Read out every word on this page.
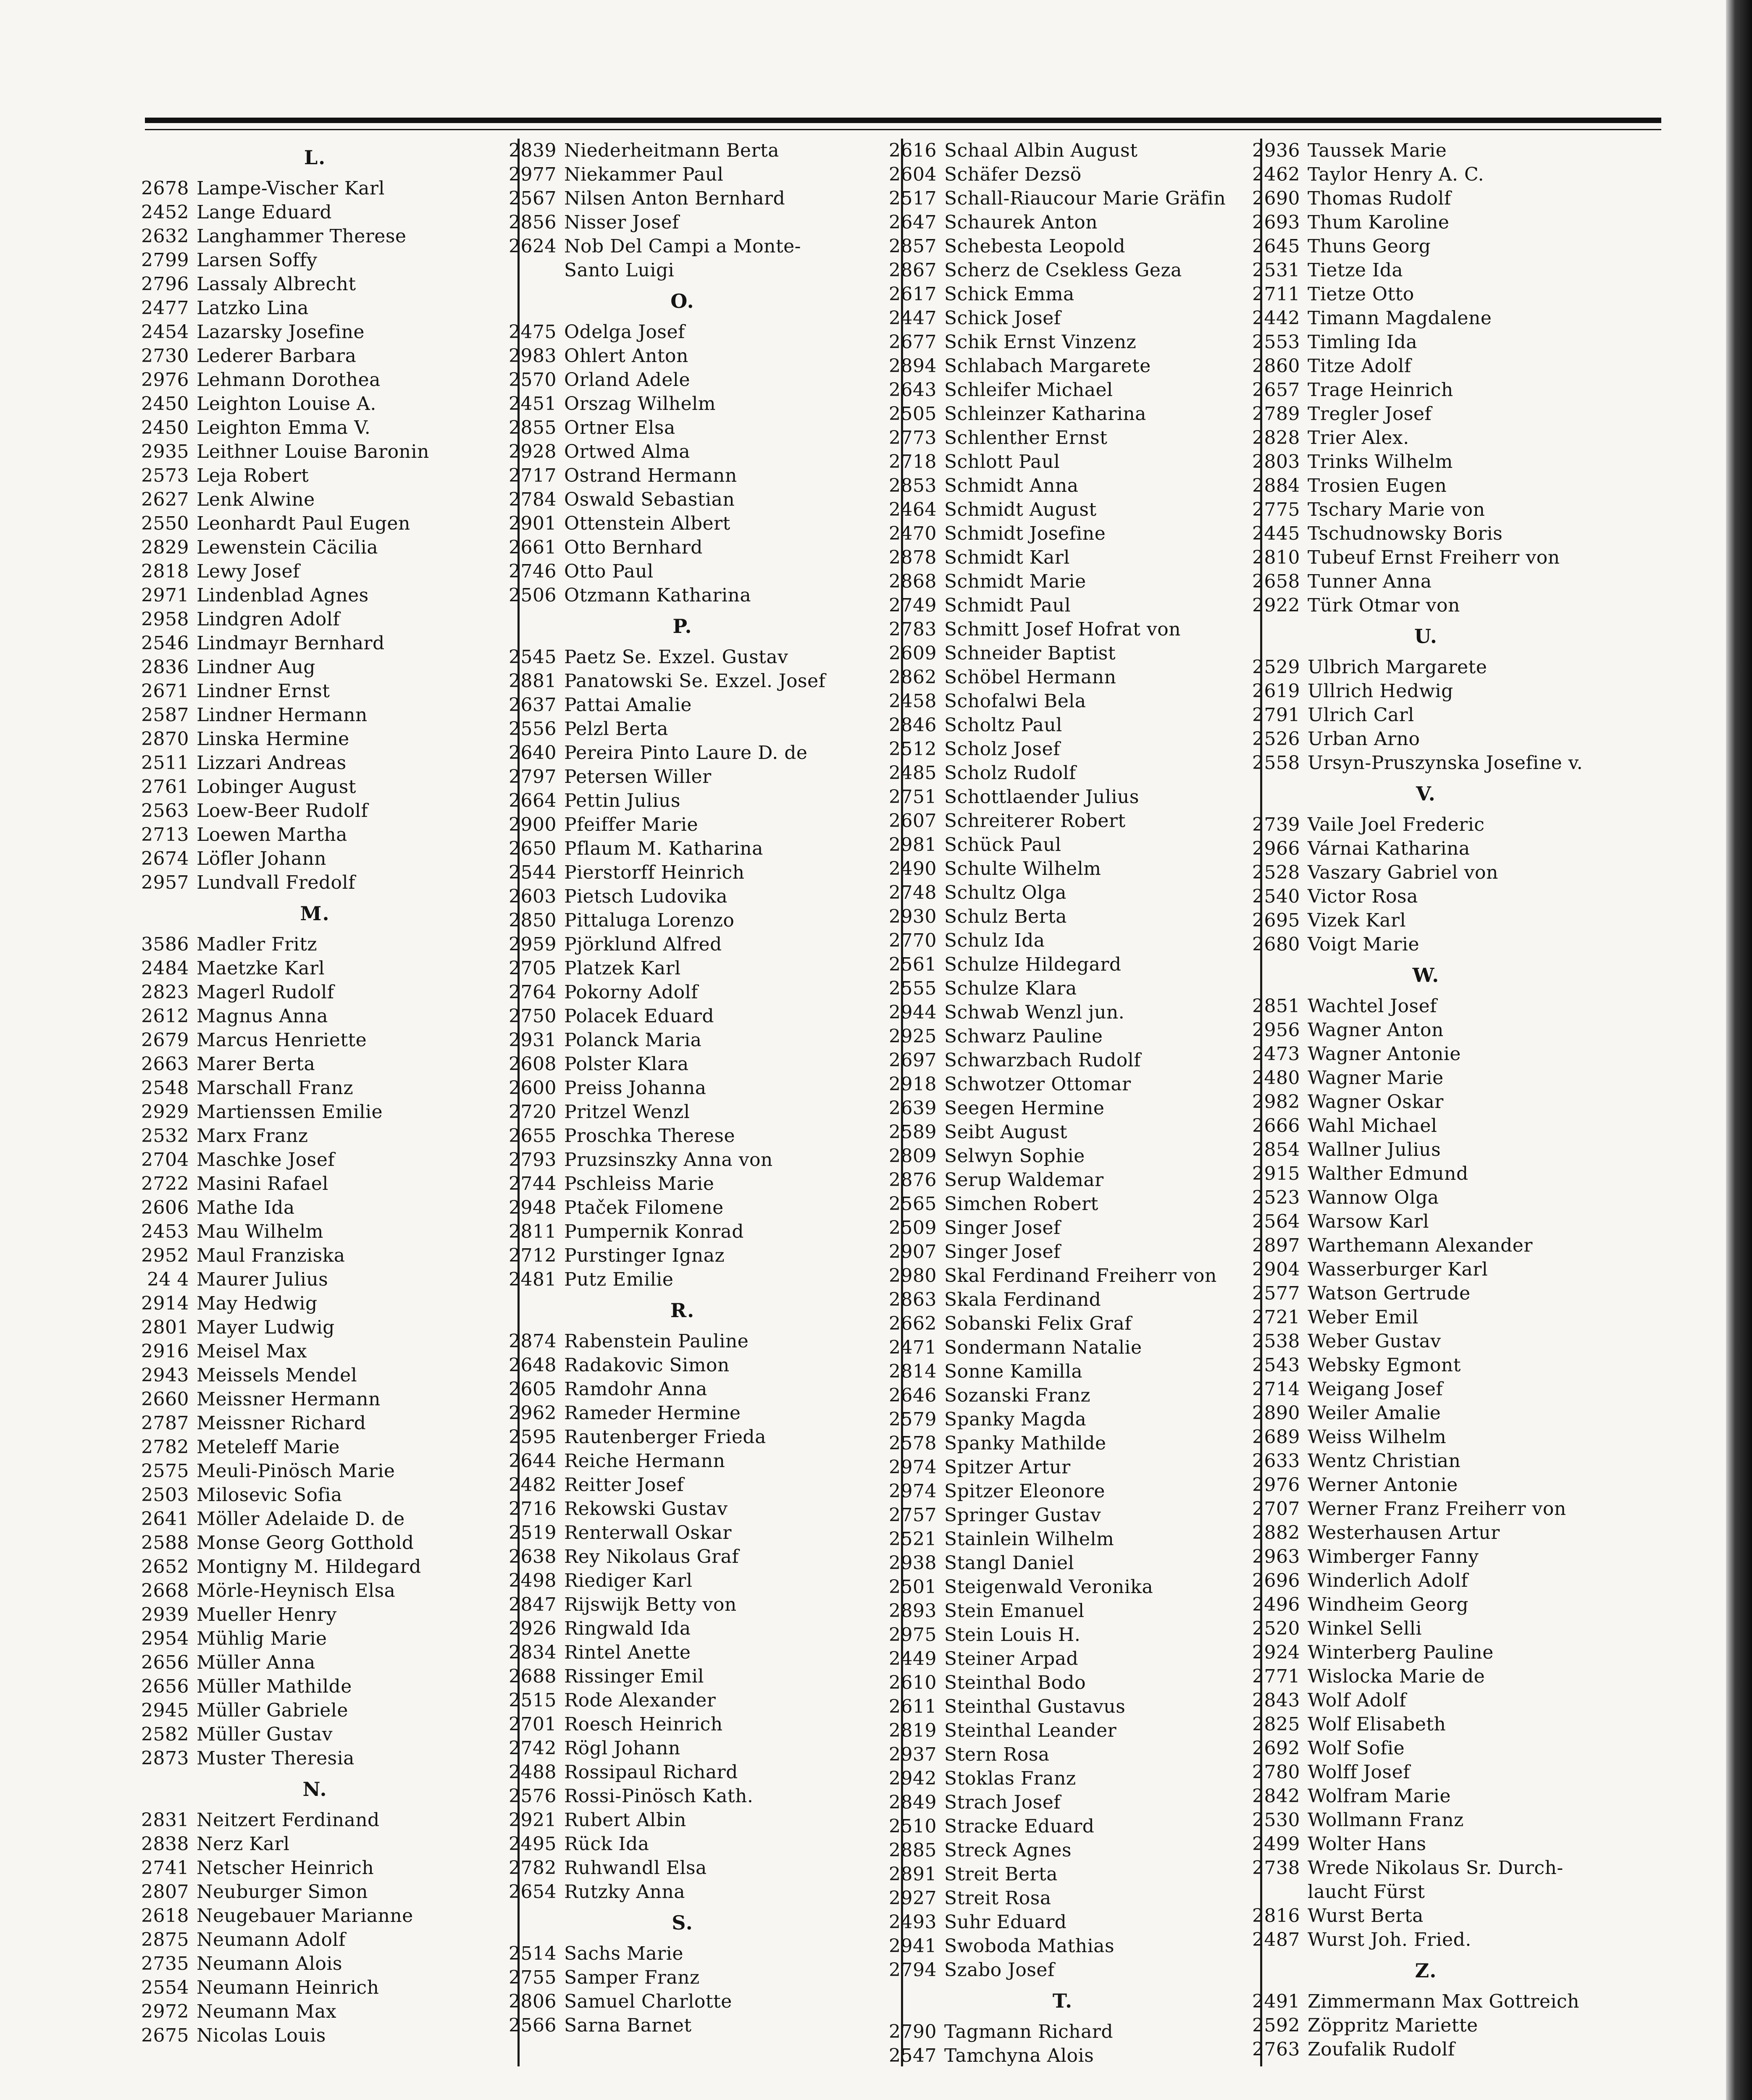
L.
2678 Lampe-Vischer Karl
2452 Lange Eduard
2632 Langhammer Therese
2799 Larsen Soffy
2796 Lassaly Albrecht
2477 Latzko Lina
2454 Lazarsky Josefine
2730 Lederer Barbara
2976 Lehmann Dorothea
2450 Leighton Louise A.
2450 Leighton Emma V.
2935 Leithner Louise Baronin
2573 Leja Robert
2627 Lenk Alwine
2550 Leonhardt Paul Eugen
2829 Lewenstein Cäcilia
2818 Lewy Josef
2971 Lindenblad Agnes
2958 Lindgren Adolf
2546 Lindmayr Bernhard
2836 Lindner Aug
2671 Lindner Ernst
2587 Lindner Hermann
2870 Linska Hermine
2511 Lizzari Andreas
2761 Lobinger August
2563 Loew-Beer Rudolf
2713 Loewen Martha
2674 Löfler Johann
2957 Lundvall Fredolf
M.
3586 Madler Fritz
2484 Maetzke Karl
2823 Magerl Rudolf
2612 Magnus Anna
2679 Marcus Henriette
2663 Marer Berta
2548 Marschall Franz
2929 Martienssen Emilie
2532 Marx Franz
2704 Maschke Josef
2722 Masini Rafael
2606 Mathe Ida
2453 Mau Wilhelm
2952 Maul Franziska
24 4 Maurer Julius
2914 May Hedwig
2801 Mayer Ludwig
2916 Meisel Max
2943 Meissels Mendel
2660 Meissner Hermann
2787 Meissner Richard
2782 Meteleff Marie
2575 Meuli-Pinösch Marie
2503 Milosevic Sofia
2641 Möller Adelaide D. de
2588 Monse Georg Gotthold
2652 Montigny M. Hildegard
2668 Mörle-Heynisch Elsa
2939 Mueller Henry
2954 Mühlig Marie
2656 Müller Anna
2656 Müller Mathilde
2945 Müller Gabriele
2582 Müller Gustav
2873 Muster Theresia
N.
2831 Neitzert Ferdinand
2838 Nerz Karl
2741 Netscher Heinrich
2807 Neuburger Simon
2618 Neugebauer Marianne
2875 Neumann Adolf
2735 Neumann Alois
2554 Neumann Heinrich
2972 Neumann Max
2675 Nicolas Louis
2839 Niederheitmann Berta
2977 Niekammer Paul
2567 Nilsen Anton Bernhard
2856 Nisser Josef
2624 Nob Del Campi a Monte-
Santo Luigi
O.
2475 Odelga Josef
2983 Ohlert Anton
2570 Orland Adele
2451 Orszag Wilhelm
2855 Ortner Elsa
2928 Ortwed Alma
2717 Ostrand Hermann
2784 Oswald Sebastian
2901 Ottenstein Albert
2661 Otto Bernhard
2746 Otto Paul
2506 Otzmann Katharina
P.
2545 Paetz Se. Exzel. Gustav
2881 Panatowski Se. Exzel. Josef
2637 Pattai Amalie
2556 Pelzl Berta
2640 Pereira Pinto Laure D. de
2797 Petersen Willer
2664 Pettin Julius
2900 Pfeiffer Marie
2650 Pflaum M. Katharina
2544 Pierstorff Heinrich
2603 Pietsch Ludovika
2850 Pittaluga Lorenzo
2959 Pjörklund Alfred
2705 Platzek Karl
2764 Pokorny Adolf
2750 Polacek Eduard
2931 Polanck Maria
2608 Polster Klara
2600 Preiss Johanna
2720 Pritzel Wenzl
2655 Proschka Therese
2793 Pruzsinszky Anna von
2744 Pschleiss Marie
2948 Ptaček Filomene
2811 Pumpernik Konrad
2712 Purstinger Ignaz
2481 Putz Emilie
R.
2874 Rabenstein Pauline
2648 Radakovic Simon
2605 Ramdohr Anna
2962 Rameder Hermine
2595 Rautenberger Frieda
2644 Reiche Hermann
2482 Reitter Josef
2716 Rekowski Gustav
2519 Renterwall Oskar
2638 Rey Nikolaus Graf
2498 Riediger Karl
2847 Rijswijk Betty von
2926 Ringwald Ida
2834 Rintel Anette
2688 Rissinger Emil
2515 Rode Alexander
2701 Roesch Heinrich
2742 Rögl Johann
2488 Rossipaul Richard
2576 Rossi-Pinösch Kath.
2921 Rubert Albin
2495 Rück Ida
2782 Ruhwandl Elsa
2654 Rutzky Anna
S.
2514 Sachs Marie
2755 Samper Franz
2806 Samuel Charlotte
2566 Sarna Barnet
2616 Schaal Albin August
2604 Schäfer Dezsö
2517 Schall-Riaucour Marie Gräfin
2647 Schaurek Anton
2857 Schebesta Leopold
2867 Scherz de Csekless Geza
2617 Schick Emma
2447 Schick Josef
2677 Schik Ernst Vinzenz
2894 Schlabach Margarete
2643 Schleifer Michael
2505 Schleinzer Katharina
2773 Schlenther Ernst
2718 Schlott Paul
2853 Schmidt Anna
2464 Schmidt August
2470 Schmidt Josefine
2878 Schmidt Karl
2868 Schmidt Marie
2749 Schmidt Paul
2783 Schmitt Josef Hofrat von
2609 Schneider Baptist
2862 Schöbel Hermann
2458 Schofalwi Bela
2846 Scholtz Paul
2512 Scholz Josef
2485 Scholz Rudolf
2751 Schottlaender Julius
2607 Schreiterer Robert
2981 Schück Paul
2490 Schulte Wilhelm
2748 Schultz Olga
2930 Schulz Berta
2770 Schulz Ida
2561 Schulze Hildegard
2555 Schulze Klara
2944 Schwab Wenzl jun.
2925 Schwarz Pauline
2697 Schwarzbach Rudolf
2918 Schwotzer Ottomar
2639 Seegen Hermine
2589 Seibt August
2809 Selwyn Sophie
2876 Serup Waldemar
2565 Simchen Robert
2509 Singer Josef
2907 Singer Josef
2980 Skal Ferdinand Freiherr von
2863 Skala Ferdinand
2662 Sobanski Felix Graf
2471 Sondermann Natalie
2814 Sonne Kamilla
2646 Sozanski Franz
2579 Spanky Magda
2578 Spanky Mathilde
2974 Spitzer Artur
2974 Spitzer Eleonore
2757 Springer Gustav
2521 Stainlein Wilhelm
2938 Stangl Daniel
2501 Steigenwald Veronika
2893 Stein Emanuel
2975 Stein Louis H.
2449 Steiner Arpad
2610 Steinthal Bodo
2611 Steinthal Gustavus
2819 Steinthal Leander
2937 Stern Rosa
2942 Stoklas Franz
2849 Strach Josef
2510 Stracke Eduard
2885 Streck Agnes
2891 Streit Berta
2927 Streit Rosa
2493 Suhr Eduard
2941 Swoboda Mathias
2794 Szabo Josef
T.
2790 Tagmann Richard
2547 Tamchyna Alois
2936 Taussek Marie
2462 Taylor Henry A. C.
2690 Thomas Rudolf
2693 Thum Karoline
2645 Thuns Georg
2531 Tietze Ida
2711 Tietze Otto
2442 Timann Magdalene
2553 Timling Ida
2860 Titze Adolf
2657 Trage Heinrich
2789 Tregler Josef
2828 Trier Alex.
2803 Trinks Wilhelm
2884 Trosien Eugen
2775 Tschary Marie von
2445 Tschudnowsky Boris
2810 Tubeuf Ernst Freiherr von
2658 Tunner Anna
2922 Türk Otmar von
U.
2529 Ulbrich Margarete
2619 Ullrich Hedwig
2791 Ulrich Carl
2526 Urban Arno
2558 Ursyn-Pruszynska Josefine v.
V.
2739 Vaile Joel Frederic
2966 Várnai Katharina
2528 Vaszary Gabriel von
2540 Victor Rosa
2695 Vizek Karl
2680 Voigt Marie
W.
2851 Wachtel Josef
2956 Wagner Anton
2473 Wagner Antonie
2480 Wagner Marie
2982 Wagner Oskar
2666 Wahl Michael
2854 Wallner Julius
2915 Walther Edmund
2523 Wannow Olga
2564 Warsow Karl
2897 Warthemann Alexander
2904 Wasserburger Karl
2577 Watson Gertrude
2721 Weber Emil
2538 Weber Gustav
2543 Websky Egmont
2714 Weigang Josef
2890 Weiler Amalie
2689 Weiss Wilhelm
2633 Wentz Christian
2976 Werner Antonie
2707 Werner Franz Freiherr von
2882 Westerhausen Artur
2963 Wimberger Fanny
2696 Winderlich Adolf
2496 Windheim Georg
2520 Winkel Selli
2924 Winterberg Pauline
2771 Wislocka Marie de
2843 Wolf Adolf
2825 Wolf Elisabeth
2692 Wolf Sofie
2780 Wolff Josef
2842 Wolfram Marie
2530 Wollmann Franz
2499 Wolter Hans
2738 Wrede Nikolaus Sr. Durch-
laucht Fürst
2816 Wurst Berta
2487 Wurst Joh. Fried.
Z.
2491 Zimmermann Max Gottreich
2592 Zöppritz Mariette
2763 Zoufalik Rudolf
